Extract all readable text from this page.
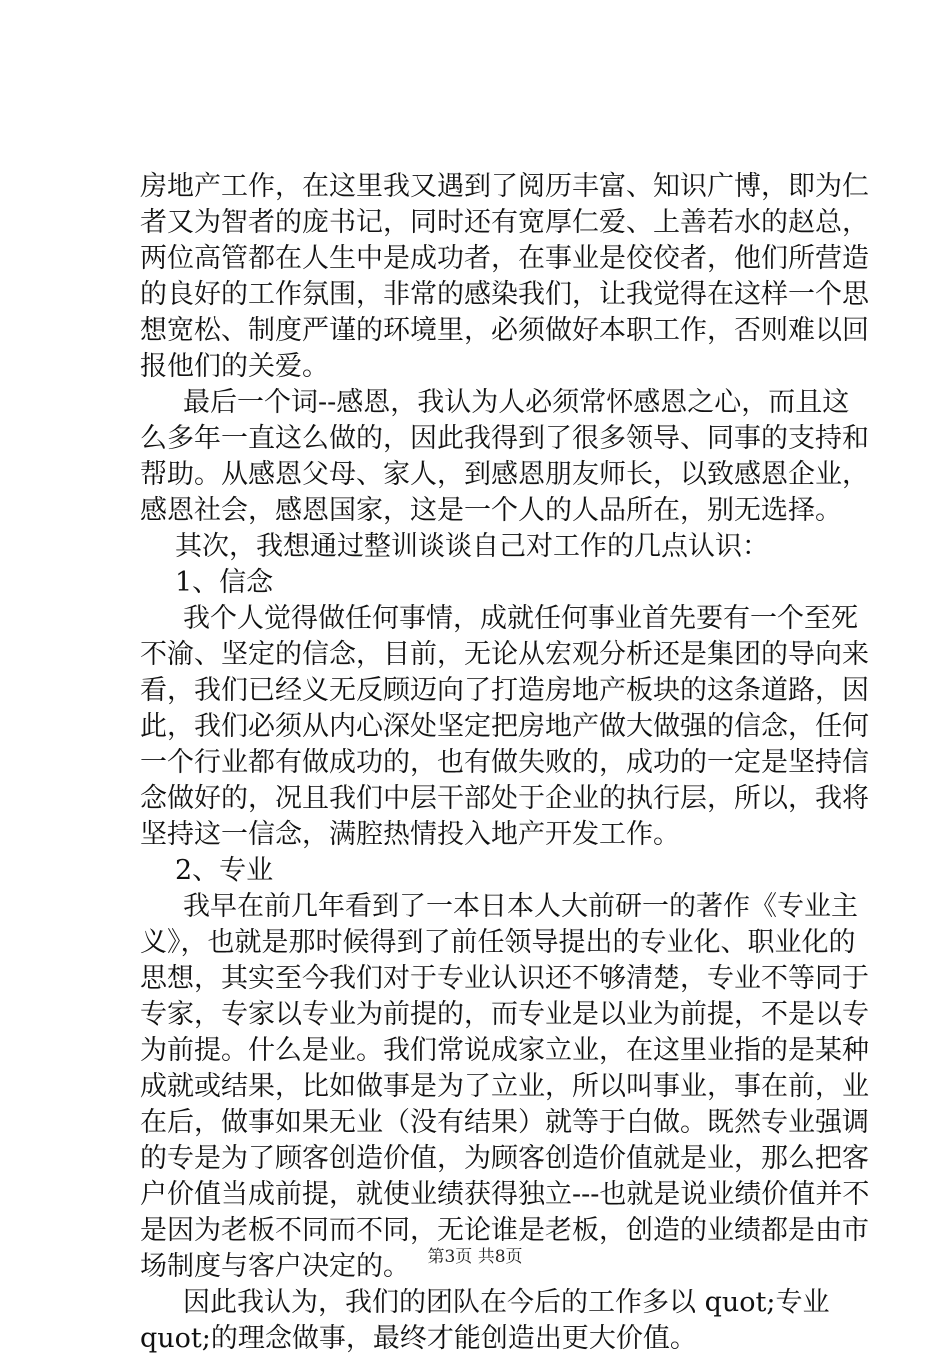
房地产工作，在这里我又遇到了阅历丰富、知识广博，即为仁
者又为智者的庞书记，同时还有宽厚仁爱、上善若水的赵总，
两位高管都在人生中是成功者，在事业是佼佼者，他们所营造
的良好的工作氛围，非常的感染我们，让我觉得在这样一个思
想宽松、制度严谨的环境里，必须做好本职工作，否则难以回
报他们的关爱。
最后一个词--感恩，我认为人必须常怀感恩之心，而且这
么多年一直这么做的，因此我得到了很多领导、同事的支持和
帮助。从感恩父母、家人，到感恩朋友师长，以致感恩企业，
感恩社会，感恩国家，这是一个人的人品所在，别无选择。
其次，我想通过整训谈谈自己对工作的几点认识：
1、信念
我个人觉得做任何事情，成就任何事业首先要有一个至死
不渝、坚定的信念，目前，无论从宏观分析还是集团的导向来
看，我们已经义无反顾迈向了打造房地产板块的这条道路，因
此，我们必须从内心深处坚定把房地产做大做强的信念，任何
一个行业都有做成功的，也有做失败的，成功的一定是坚持信
念做好的，况且我们中层干部处于企业的执行层，所以，我将
坚持这一信念，满腔热情投入地产开发工作。
2、专业
我早在前几年看到了一本日本人大前研一的著作《专业主
义》，也就是那时候得到了前任领导提出的专业化、职业化的
思想，其实至今我们对于专业认识还不够清楚，专业不等同于
专家，专家以专业为前提的，而专业是以业为前提，不是以专
为前提。什么是业。我们常说成家立业，在这里业指的是某种
成就或结果，比如做事是为了立业，所以叫事业，事在前，业
在后，做事如果无业（没有结果）就等于白做。既然专业强调
的专是为了顾客创造价值，为顾客创造价值就是业，那么把客
户价值当成前提，就使业绩获得独立---也就是说业绩价值并不
是因为老板不同而不同，无论谁是老板，创造的业绩都是由市
场制度与客户决定的。
因此我认为，我们的团队在今后的工作多以 quot;专业
quot;的理念做事，最终才能创造出更大价值。
第3页 共8页
